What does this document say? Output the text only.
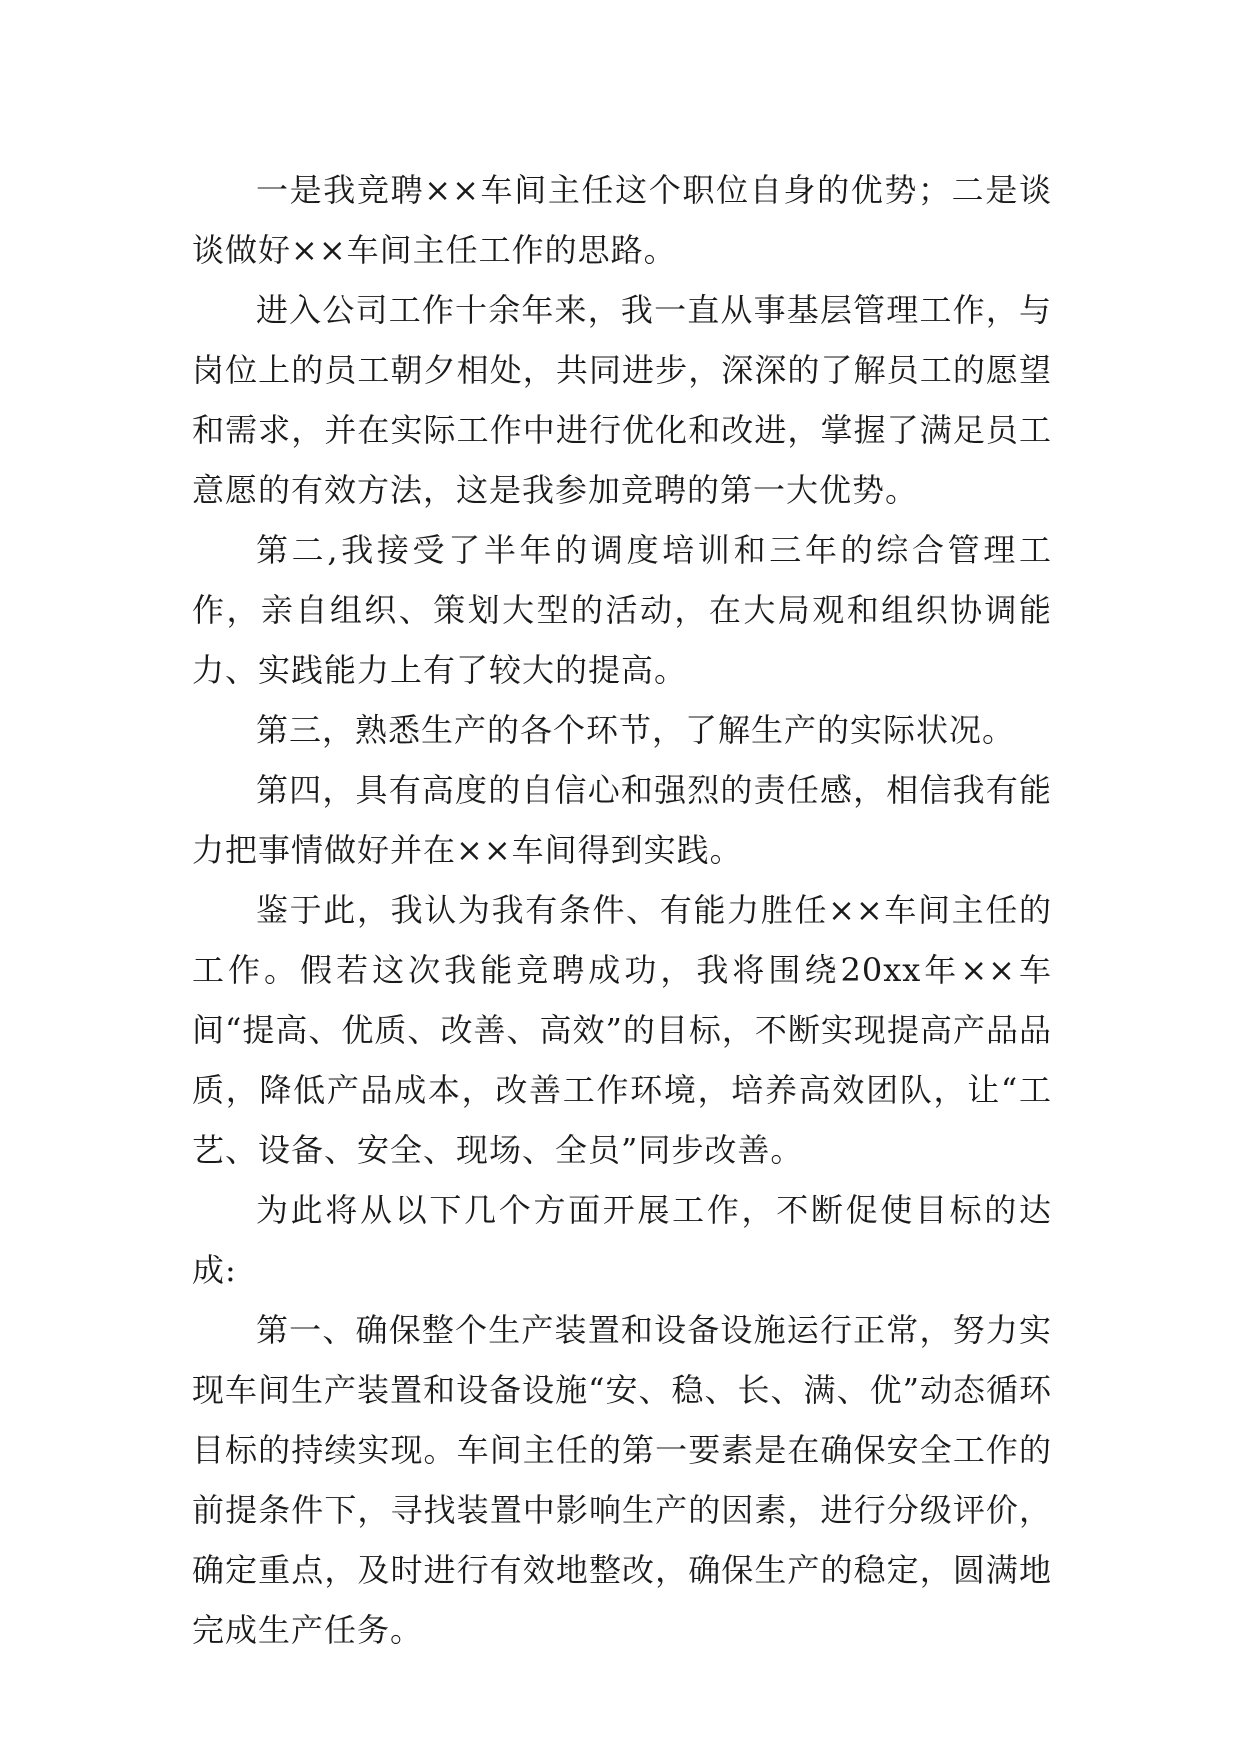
一是我竞聘××车间主任这个职位自身的优势；二是谈谈做好××车间主任工作的思路。

进入公司工作十余年来，我一直从事基层管理工作，与岗位上的员工朝夕相处，共同进步，深深的了解员工的愿望和需求，并在实际工作中进行优化和改进，掌握了满足员工意愿的有效方法，这是我参加竞聘的第一大优势。

第二,我接受了半年的调度培训和三年的综合管理工作，亲自组织、策划大型的活动，在大局观和组织协调能力、实践能力上有了较大的提高。

第三，熟悉生产的各个环节，了解生产的实际状况。

第四，具有高度的自信心和强烈的责任感，相信我有能力把事情做好并在××车间得到实践。

鉴于此，我认为我有条件、有能力胜任××车间主任的工作。假若这次我能竞聘成功，我将围绕20xx年××车间“提高、优质、改善、高效”的目标，不断实现提高产品品质，降低产品成本，改善工作环境，培养高效团队，让“工艺、设备、安全、现场、全员”同步改善。

为此将从以下几个方面开展工作，不断促使目标的达成:

第一、确保整个生产装置和设备设施运行正常，努力实现车间生产装置和设备设施“安、稳、长、满、优”动态循环目标的持续实现。车间主任的第一要素是在确保安全工作的前提条件下，寻找装置中影响生产的因素，进行分级评价，确定重点，及时进行有效地整改，确保生产的稳定，圆满地完成生产任务。
